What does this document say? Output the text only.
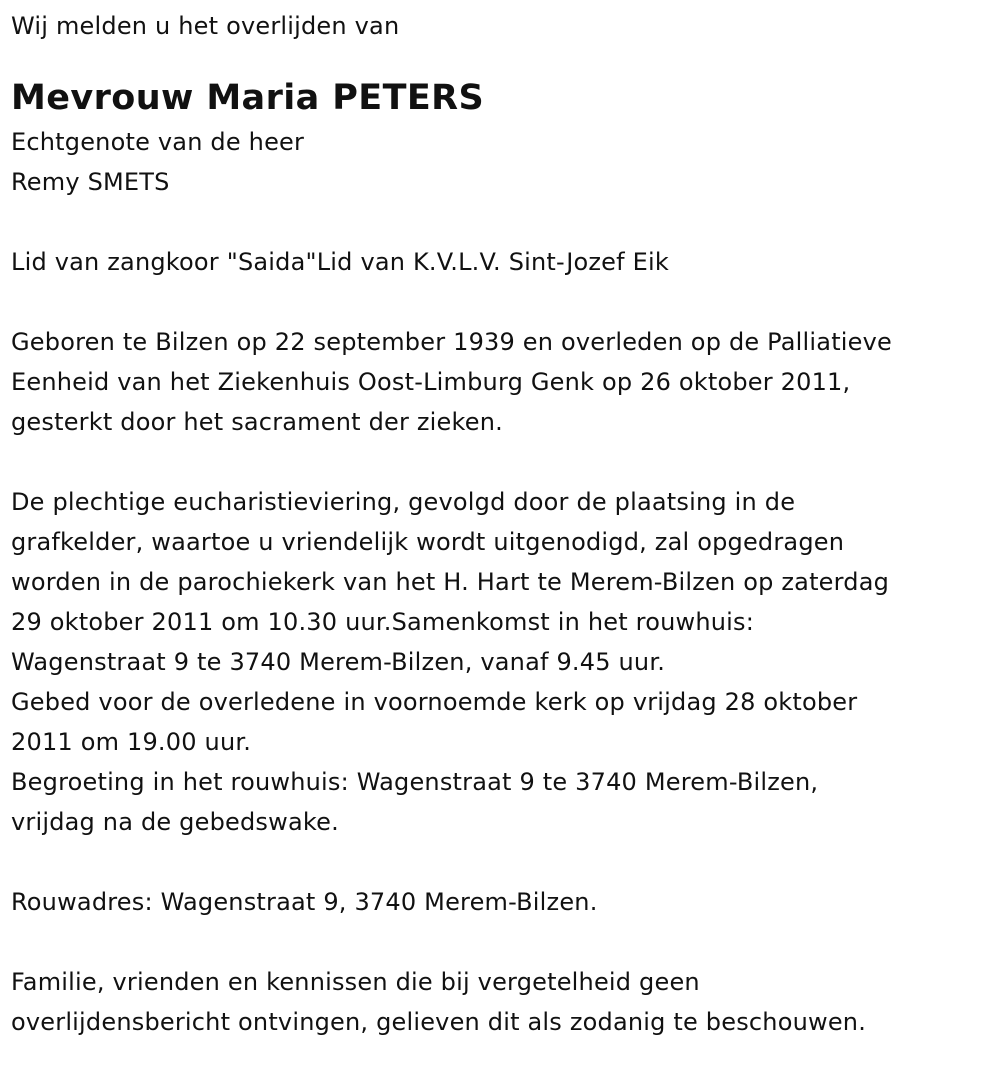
Wij melden u het overlijden van

Mevrouw Maria PETERS

Echtgenote van de heer

Remy SMETS

Lid van zangkoor "Saida"Lid van K.V.L.V. Sint-Jozef Eik

Geboren te Bilzen op 22 september 1939 en overleden op de Palliatieve

Eenheid van het Ziekenhuis Oost-Limburg Genk op 26 oktober 2011,

gesterkt door het sacrament der zieken.

De plechtige eucharistieviering, gevolgd door de plaatsing in de

grafkelder, waartoe u vriendelijk wordt uitgenodigd, zal opgedragen

worden in de parochiekerk van het H. Hart te Merem-Bilzen op zaterdag

29 oktober 2011 om 10.30 uur.Samenkomst in het rouwhuis:

Wagenstraat 9 te 3740 Merem-Bilzen, vanaf 9.45 uur.

Gebed voor de overledene in voornoemde kerk op vrijdag 28 oktober

2011 om 19.00 uur.

Begroeting in het rouwhuis: Wagenstraat 9 te 3740 Merem-Bilzen,

vrijdag na de gebedswake.

Rouwadres: Wagenstraat 9, 3740 Merem-Bilzen.

Familie, vrienden en kennissen die bij vergetelheid geen

overlijdensbericht ontvingen, gelieven dit als zodanig te beschouwen.
